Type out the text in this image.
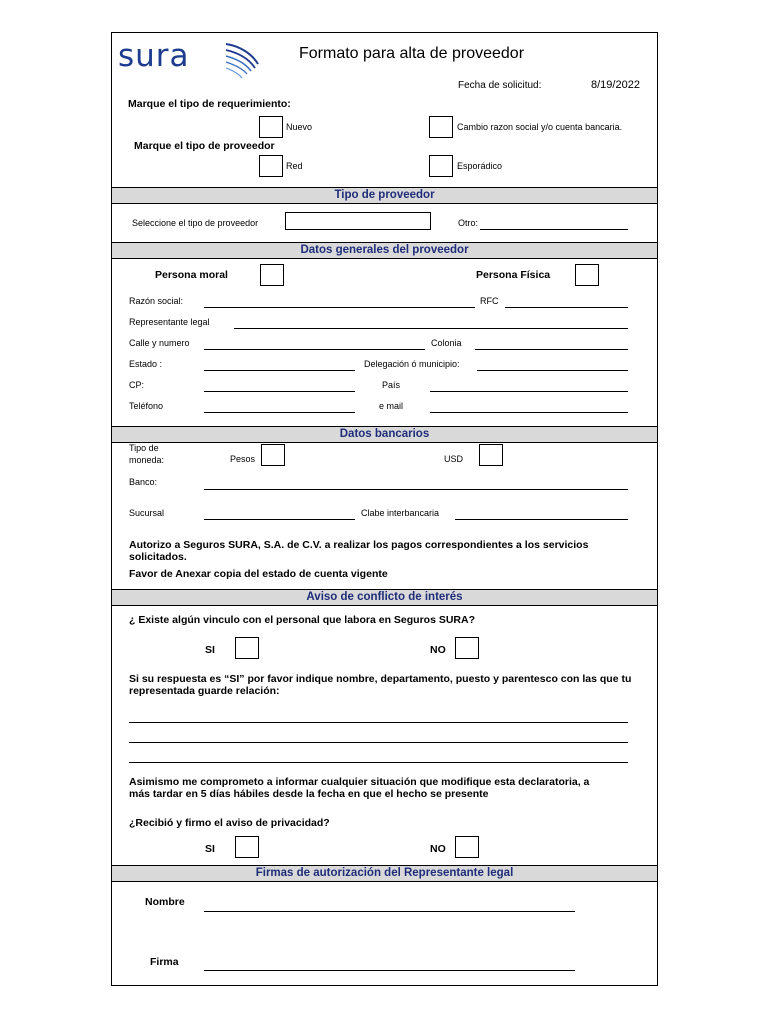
sura	Formato para alta de proveedor
Fecha de solicitud:	8/19/2022
Marque el tipo de requerimiento:
Nuevo	Cambio razon social y/o cuenta bancaria.
Marque el tipo de proveedor
Red	Esporádico
Tipo de proveedor
Seleccione el tipo de proveedor	Otro:
Datos generales del proveedor
Persona moral	Persona Física
Razón social:	RFC
Representante legal
Calle y numero	Colonia
Estado :	Delegación ó municipio:
CP:	País
Teléfono	e mail
Datos bancarios
Tipo de
moneda:	Pesos	USD
Banco:
Sucursal	Clabe interbancaria
Autorizo a Seguros SURA, S.A. de C.V. a realizar los pagos correspondientes a los servicios
solicitados.
Favor de Anexar copia del estado de cuenta vigente
Aviso de conflicto de interés
¿ Existe algún vinculo con el personal que labora en Seguros SURA?
SI	NO
Si su respuesta es “SI” por favor indique nombre, departamento, puesto y parentesco con las que tu
representada guarde relación:
Asimismo me comprometo a informar cualquier situación que modifique esta declaratoria, a
más tardar en 5 días hábiles desde la fecha en que el hecho se presente
¿Recibió y firmo el aviso de privacidad?
SI	NO
Firmas de autorización del Representante legal
Nombre
Firma
